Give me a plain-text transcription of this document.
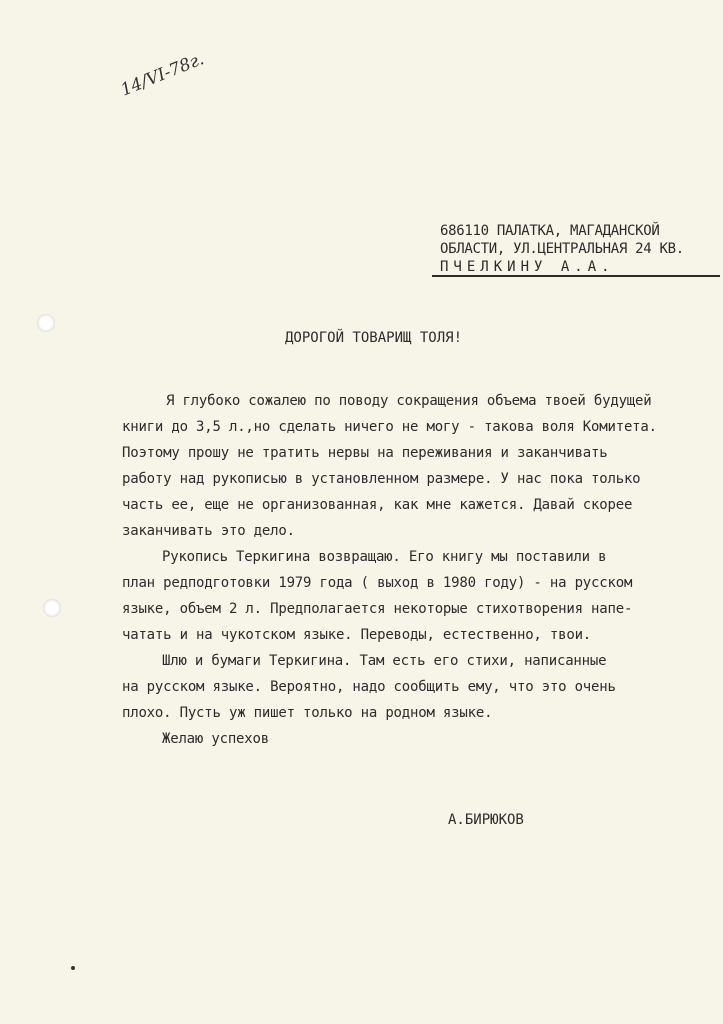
14/VI-78г.
686110 ПАЛАТКА, МАГАДАНСКОЙ
ОБЛАСТИ, УЛ.ЦЕНТРАЛЬНАЯ 24 КВ.
ПЧЕЛКИНУ А.А.
ДОРОГОЙ ТОВАРИЩ ТОЛЯ!
Я глубоко сожалею по поводу сокращения объема твоей будущей
книги до 3,5 л.,но сделать ничего не могу - такова воля Комитета.
Поэтому прошу не тратить нервы на переживания и заканчивать
работу над рукописью в установленном размере. У нас пока только
часть ее, еще не организованная, как мне кажется. Давай скорее
заканчивать это дело.
Рукопись Теркигина возвращаю. Его книгу мы поставили в
план редподготовки 1979 года ( выход в 1980 году) - на русском
языке, объем 2 л. Предполагается некоторые стихотворения напе-
чатать и на чукотском языке. Переводы, естественно, твои.
Шлю и бумаги Теркигина. Там есть его стихи, написанные
на русском языке. Вероятно, надо сообщить ему, что это очень
плохо. Пусть уж пишет только на родном языке.
Желаю успехов
А.БИРЮКОВ
